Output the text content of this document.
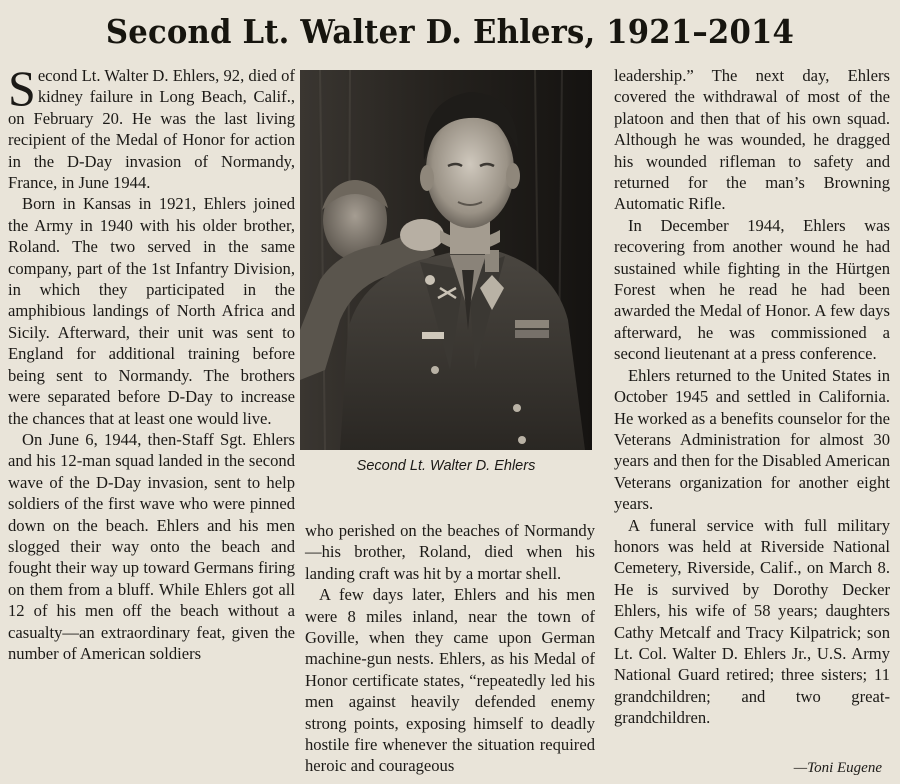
Second Lt. Walter D. Ehlers, 1921–2014

Second Lt. Walter D. Ehlers, 92, died of kidney failure in Long Beach, Calif., on February 20. He was the last living recipient of the Medal of Honor for action in the D-Day invasion of Normandy, France, in June 1944.

Born in Kansas in 1921, Ehlers joined the Army in 1940 with his older brother, Roland. The two served in the same company, part of the 1st Infantry Division, in which they participated in the amphibious landings of North Africa and Sicily. Afterward, their unit was sent to England for additional training before being sent to Normandy. The brothers were separated before D-Day to increase the chances that at least one would live.

On June 6, 1944, then-Staff Sgt. Ehlers and his 12-man squad landed in the second wave of the D-Day invasion, sent to help soldiers of the first wave who were pinned down on the beach. Ehlers and his men slogged their way onto the beach and fought their way up toward Germans firing on them from a bluff. While Ehlers got all 12 of his men off the beach without a casualty—an extraordinary feat, given the number of American soldiers

Second Lt. Walter D. Ehlers

who perished on the beaches of Normandy—his brother, Roland, died when his landing craft was hit by a mortar shell.

A few days later, Ehlers and his men were 8 miles inland, near the town of Goville, when they came upon German machine-gun nests. Ehlers, as his Medal of Honor certificate states, “repeatedly led his men against heavily defended enemy strong points, exposing himself to deadly hostile fire whenever the situation required heroic and courageous

leadership.” The next day, Ehlers covered the withdrawal of most of the platoon and then that of his own squad. Although he was wounded, he dragged his wounded rifleman to safety and returned for the man’s Browning Automatic Rifle.

In December 1944, Ehlers was recovering from another wound he had sustained while fighting in the Hürtgen Forest when he read he had been awarded the Medal of Honor. A few days afterward, he was commissioned a second lieutenant at a press conference.

Ehlers returned to the United States in October 1945 and settled in California. He worked as a benefits counselor for the Veterans Administration for almost 30 years and then for the Disabled American Veterans organization for another eight years.

A funeral service with full military honors was held at Riverside National Cemetery, Riverside, Calif., on March 8. He is survived by Dorothy Decker Ehlers, his wife of 58 years; daughters Cathy Metcalf and Tracy Kilpatrick; son Lt. Col. Walter D. Ehlers Jr., U.S. Army National Guard retired; three sisters; 11 grandchildren; and two great-grandchildren.

—Toni Eugene
